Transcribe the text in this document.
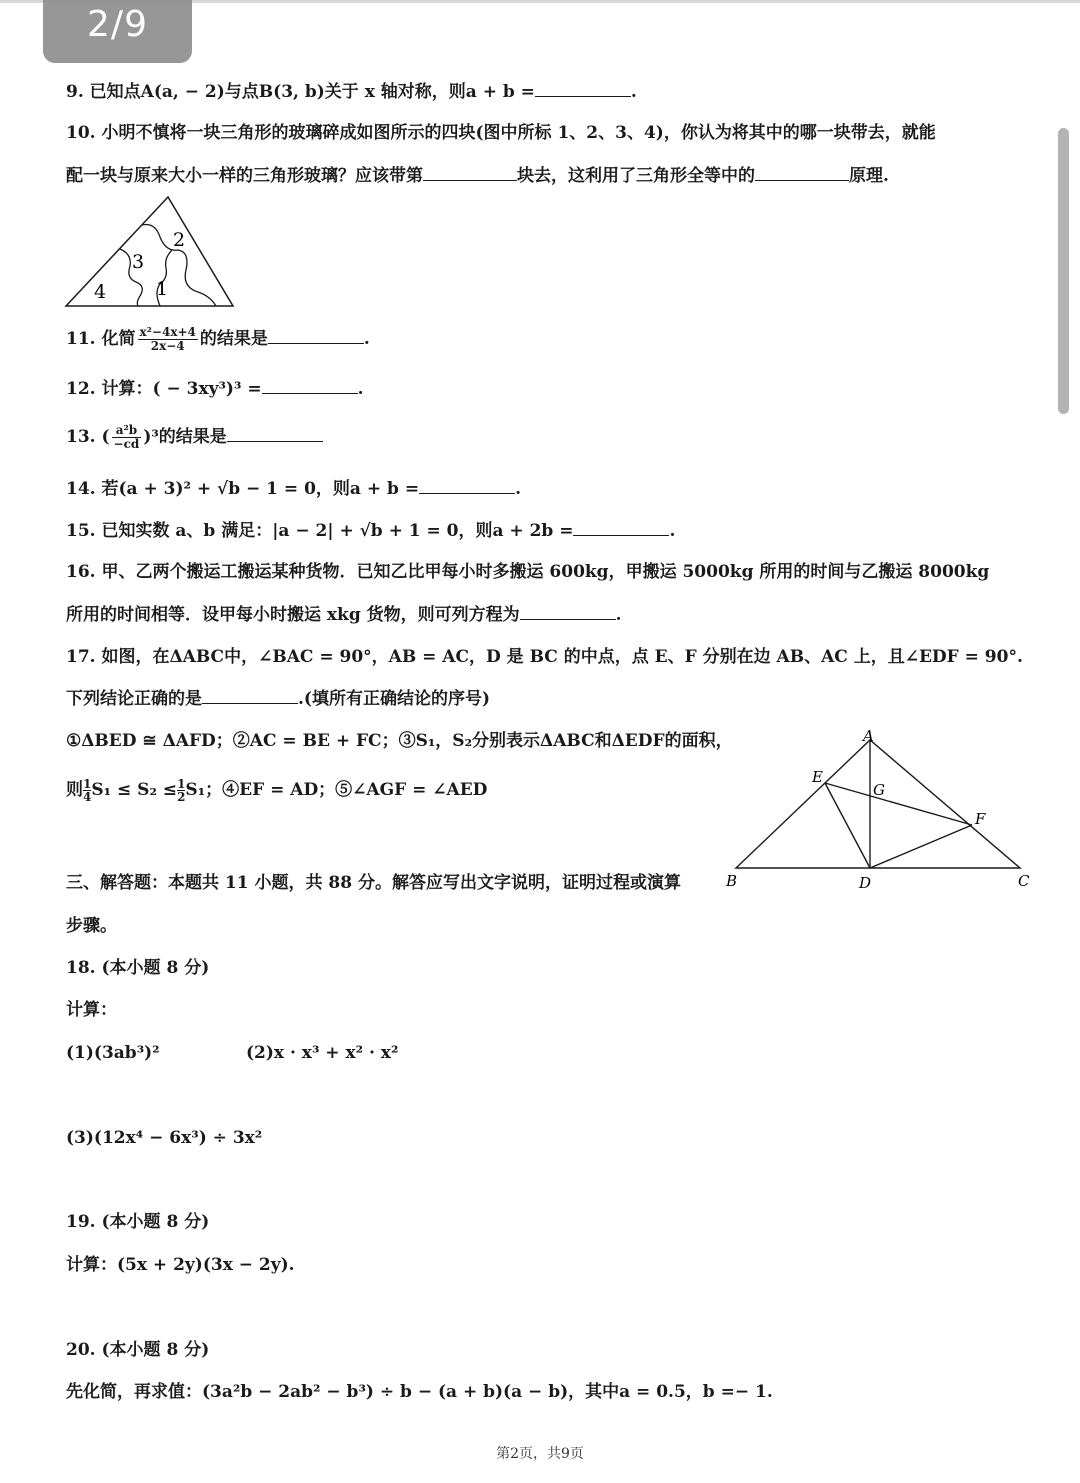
2/9
9. 已知点A(a, − 2)与点B(3, b)关于 x 轴对称，则a + b =	.
10. 小明不慎将一块三角形的玻璃碎成如图所示的四块(图中所标 1、2、3、4)，你认为将其中的哪一块带去，就能
配一块与原来大小一样的三角形玻璃？应该带第	块去，这利用了三角形全等中的	原理.
2
3
4	1
11. 化简 $\frac{\text{x²−4x+4}}{2x-4}$ 的结果是	.
12. 计算：( − 3xy³)³ =	.
13. ( $\frac{\text{a²b}}{-cd} )^3$的结果是
14. 若(a + 3)² + √b − 1 = 0，则a + b =	.
15. 已知实数 a、b 满足：|a − 2| + √b + 1 = 0，则a + 2b =	.
16. 甲、乙两个搬运工搬运某种货物．已知乙比甲每小时多搬运 600kg，甲搬运 5000kg 所用的时间与乙搬运 8000kg
所用的时间相等．设甲每小时搬运 xkg 货物，则可列方程为	.
17. 如图，在ΔABC中，∠BAC = 90°，AB = AC，D 是 BC 的中点，点 E、F 分别在边 AB、AC 上，且∠EDF = 90°.
下列结论正确的是	.(填所有正确结论的序号)
①ΔBED ≅ ΔAFD；②AC = BE + FC；③S₁，S₂分别表示ΔABC和ΔEDF的面积，
则 $\frac{1}{4}S_1 \le S_2 \le \frac{1}{2}S_1$；④EF = AD；⑤∠AGF = ∠AED
A
B	C
D
E
F
G
三、解答题：本题共 11 小题，共 88 分。解答应写出文字说明，证明过程或演算
步骤。
18. (本小题 8 分)
计算：
(1)(3ab³)²	(2)x · x³ + x² · x²
(3)(12x⁴ − 6x³) ÷ 3x²
19. (本小题 8 分)
计算：(5x + 2y)(3x − 2y).
20. (本小题 8 分)
先化简，再求值：(3a²b − 2ab² − b³) ÷ b − (a + b)(a − b)，其中a = 0.5，b =− 1.
第2页，共9页
